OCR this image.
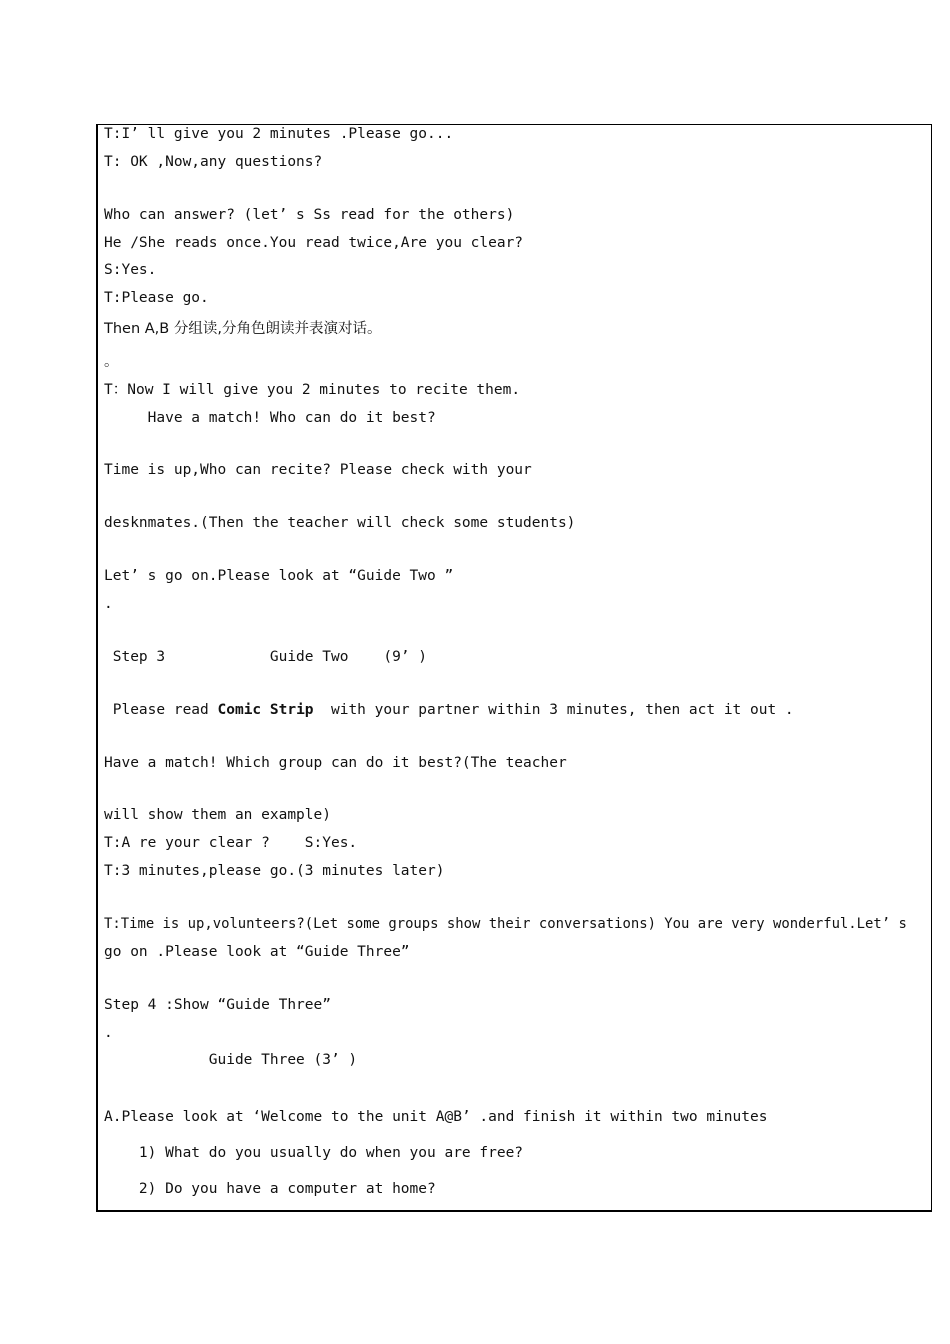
T:I’ ll give you 2 minutes .Please go...
T: OK ,Now,any questions?
Who can answer? (let’ s Ss read for the others)
He /She reads once.You read twice,Are you clear?
S:Yes.
T:Please go.
Then A,B 分组读,分角色朗读并表演对话。
。
T：Now I will give you 2 minutes to recite them.
Have a match! Who can do it best?
Time is up,Who can recite? Please check with your
desknmates.(Then the teacher will check some students)
Let’ s go on.Please look at “Guide Two ”
.
Step 3            Guide Two    (9’ )
Please read Comic Strip  with your partner within 3 minutes, then act it out .
Have a match! Which group can do it best?(The teacher
will show them an example)
T:A re your clear ?    S:Yes.
T:3 minutes,please go.(3 minutes later)
T:Time is up,volunteers?(Let some groups show their conversations) You are very wonderful.Let’ s
go on .Please look at “Guide Three”
Step 4 :Show “Guide Three”
.
Guide Three (3’ )
A.Please look at ‘Welcome to the unit A@B’ .and finish it within two minutes
1) What do you usually do when you are free?
2) Do you have a computer at home?
